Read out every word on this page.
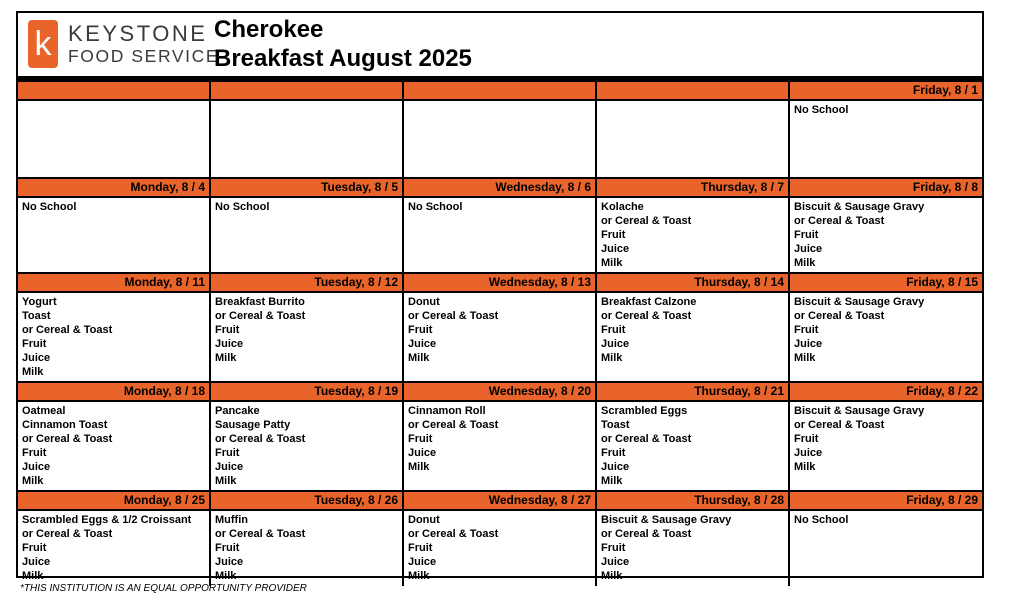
k KEYSTONE
FOOD SERVICE
Cherokee
Breakfast August 2025
Friday, 8 / 1
No School
Monday, 8 / 4
No School
Tuesday, 8 / 5
No School
Wednesday, 8 / 6
No School
Thursday, 8 / 7
Kolache
or Cereal & Toast
Fruit
Juice
Milk
Friday, 8 / 8
Biscuit & Sausage Gravy
or Cereal & Toast
Fruit
Juice
Milk
Monday, 8 / 11
Yogurt
Toast
or Cereal & Toast
Fruit
Juice
Milk
Tuesday, 8 / 12
Breakfast Burrito
or Cereal & Toast
Fruit
Juice
Milk
Wednesday, 8 / 13
Donut
or Cereal & Toast
Fruit
Juice
Milk
Thursday, 8 / 14
Breakfast Calzone
or Cereal & Toast
Fruit
Juice
Milk
Friday, 8 / 15
Biscuit & Sausage Gravy
or Cereal & Toast
Fruit
Juice
Milk
Monday, 8 / 18
Oatmeal
Cinnamon Toast
or Cereal & Toast
Fruit
Juice
Milk
Tuesday, 8 / 19
Pancake
Sausage Patty
or Cereal & Toast
Fruit
Juice
Milk
Wednesday, 8 / 20
Cinnamon Roll
or Cereal & Toast
Fruit
Juice
Milk
Thursday, 8 / 21
Scrambled Eggs
Toast
or Cereal & Toast
Fruit
Juice
Milk
Friday, 8 / 22
Biscuit & Sausage Gravy
or Cereal & Toast
Fruit
Juice
Milk
Monday, 8 / 25
Scrambled Eggs & 1/2 Croissant
or Cereal & Toast
Fruit
Juice
Milk
Tuesday, 8 / 26
Muffin
or Cereal & Toast
Fruit
Juice
Milk
Wednesday, 8 / 27
Donut
or Cereal & Toast
Fruit
Juice
Milk
Thursday, 8 / 28
Biscuit & Sausage Gravy
or Cereal & Toast
Fruit
Juice
Milk
Friday, 8 / 29
No School
*THIS INSTITUTION IS AN EQUAL OPPORTUNITY PROVIDER
